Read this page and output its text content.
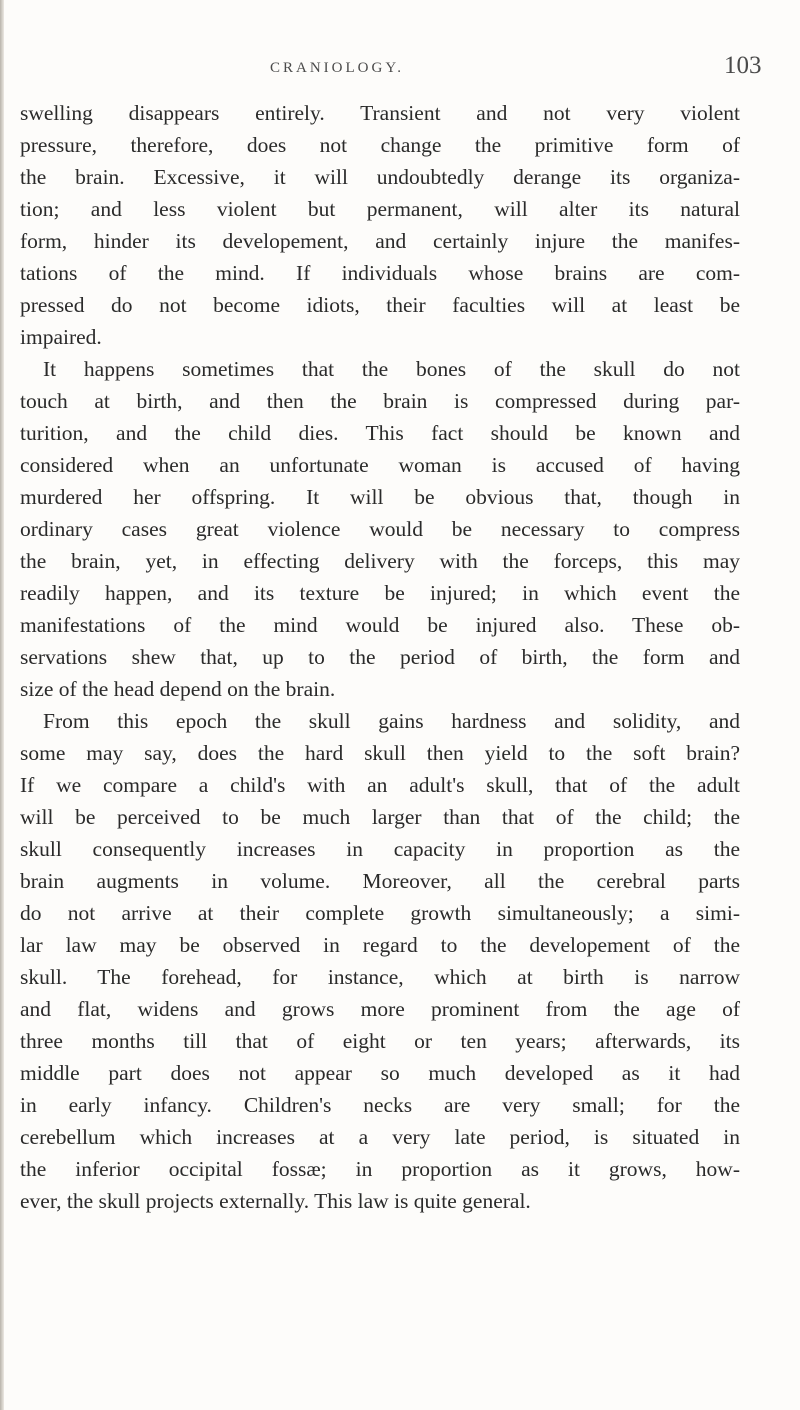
CRANIOLOGY.	103
swelling disappears entirely. Transient and not very violent
pressure, therefore, does not change the primitive form of
the brain. Excessive, it will undoubtedly derange its organiza-
tion; and less violent but permanent, will alter its natural
form, hinder its developement, and certainly injure the manifes-
tations of the mind. If individuals whose brains are com-
pressed do not become idiots, their faculties will at least be
impaired.
It happens sometimes that the bones of the skull do not
touch at birth, and then the brain is compressed during par-
turition, and the child dies. This fact should be known and
considered when an unfortunate woman is accused of having
murdered her offspring. It will be obvious that, though in
ordinary cases great violence would be necessary to compress
the brain, yet, in effecting delivery with the forceps, this may
readily happen, and its texture be injured; in which event the
manifestations of the mind would be injured also. These ob-
servations shew that, up to the period of birth, the form and
size of the head depend on the brain.
From this epoch the skull gains hardness and solidity, and
some may say, does the hard skull then yield to the soft brain?
If we compare a child's with an adult's skull, that of the adult
will be perceived to be much larger than that of the child; the
skull consequently increases in capacity in proportion as the
brain augments in volume. Moreover, all the cerebral parts
do not arrive at their complete growth simultaneously; a simi-
lar law may be observed in regard to the developement of the
skull. The forehead, for instance, which at birth is narrow
and flat, widens and grows more prominent from the age of
three months till that of eight or ten years; afterwards, its
middle part does not appear so much developed as it had
in early infancy. Children's necks are very small; for the
cerebellum which increases at a very late period, is situated in
the inferior occipital fossæ; in proportion as it grows, how-
ever, the skull projects externally. This law is quite general.
